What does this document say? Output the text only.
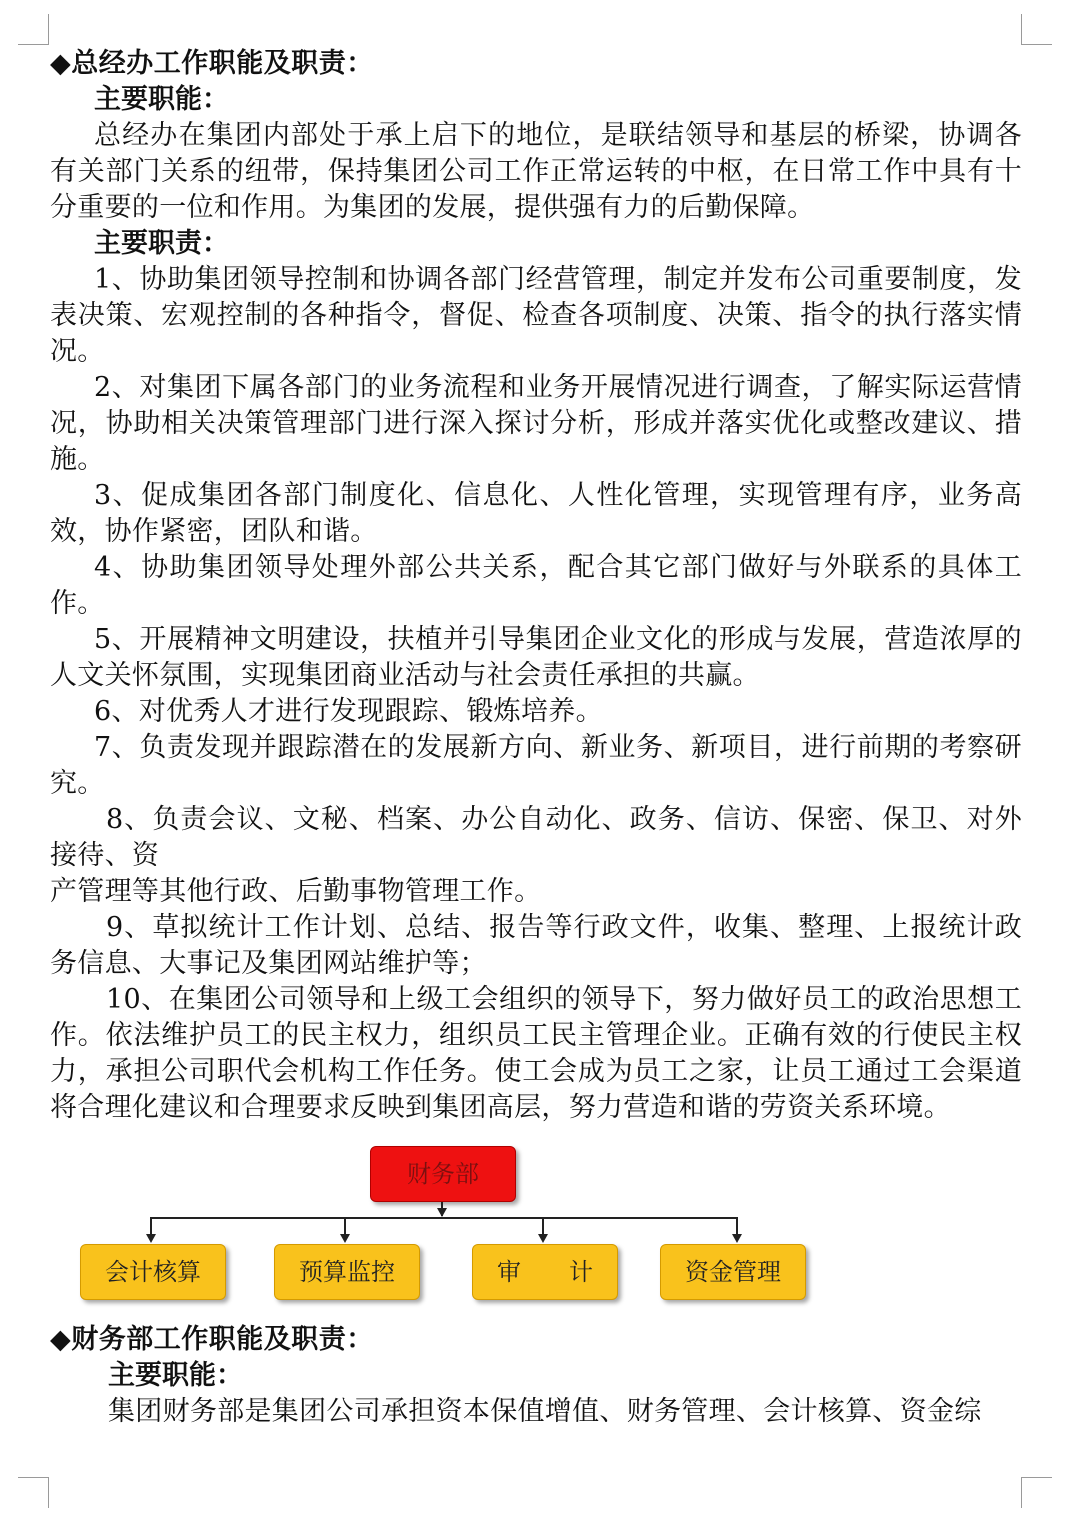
◆总经办工作职能及职责：

主要职能：

总经办在集团内部处于承上启下的地位，是联结领导和基层的桥梁，协调各有关部门关系的纽带，保持集团公司工作正常运转的中枢，在日常工作中具有十分重要的一位和作用。为集团的发展，提供强有力的后勤保障。

主要职责：

1、协助集团领导控制和协调各部门经营管理，制定并发布公司重要制度，发表决策、宏观控制的各种指令，督促、检查各项制度、决策、指令的执行落实情况。

2、对集团下属各部门的业务流程和业务开展情况进行调查，了解实际运营情况，协助相关决策管理部门进行深入探讨分析，形成并落实优化或整改建议、措施。

3、促成集团各部门制度化、信息化、人性化管理，实现管理有序，业务高效，协作紧密，团队和谐。

4、协助集团领导处理外部公共关系，配合其它部门做好与外联系的具体工作。

5、开展精神文明建设，扶植并引导集团企业文化的形成与发展，营造浓厚的人文关怀氛围，实现集团商业活动与社会责任承担的共赢。

6、对优秀人才进行发现跟踪、锻炼培养。

7、负责发现并跟踪潜在的发展新方向、新业务、新项目，进行前期的考察研究。

8、负责会议、文秘、档案、办公自动化、政务、信访、保密、保卫、对外接待、资

产管理等其他行政、后勤事物管理工作。

9、草拟统计工作计划、总结、报告等行政文件，收集、整理、上报统计政务信息、大事记及集团网站维护等；

10、在集团公司领导和上级工会组织的领导下，努力做好员工的政治思想工作。依法维护员工的民主权力，组织员工民主管理企业。正确有效的行使民主权力，承担公司职代会机构工作任务。使工会成为员工之家，让员工通过工会渠道将合理化建议和合理要求反映到集团高层，努力营造和谐的劳资关系环境。

财务部
会计核算	预算监控	审　　计	资金管理

◆财务部工作职能及职责：

主要职能：

集团财务部是集团公司承担资本保值增值、财务管理、会计核算、资金综
